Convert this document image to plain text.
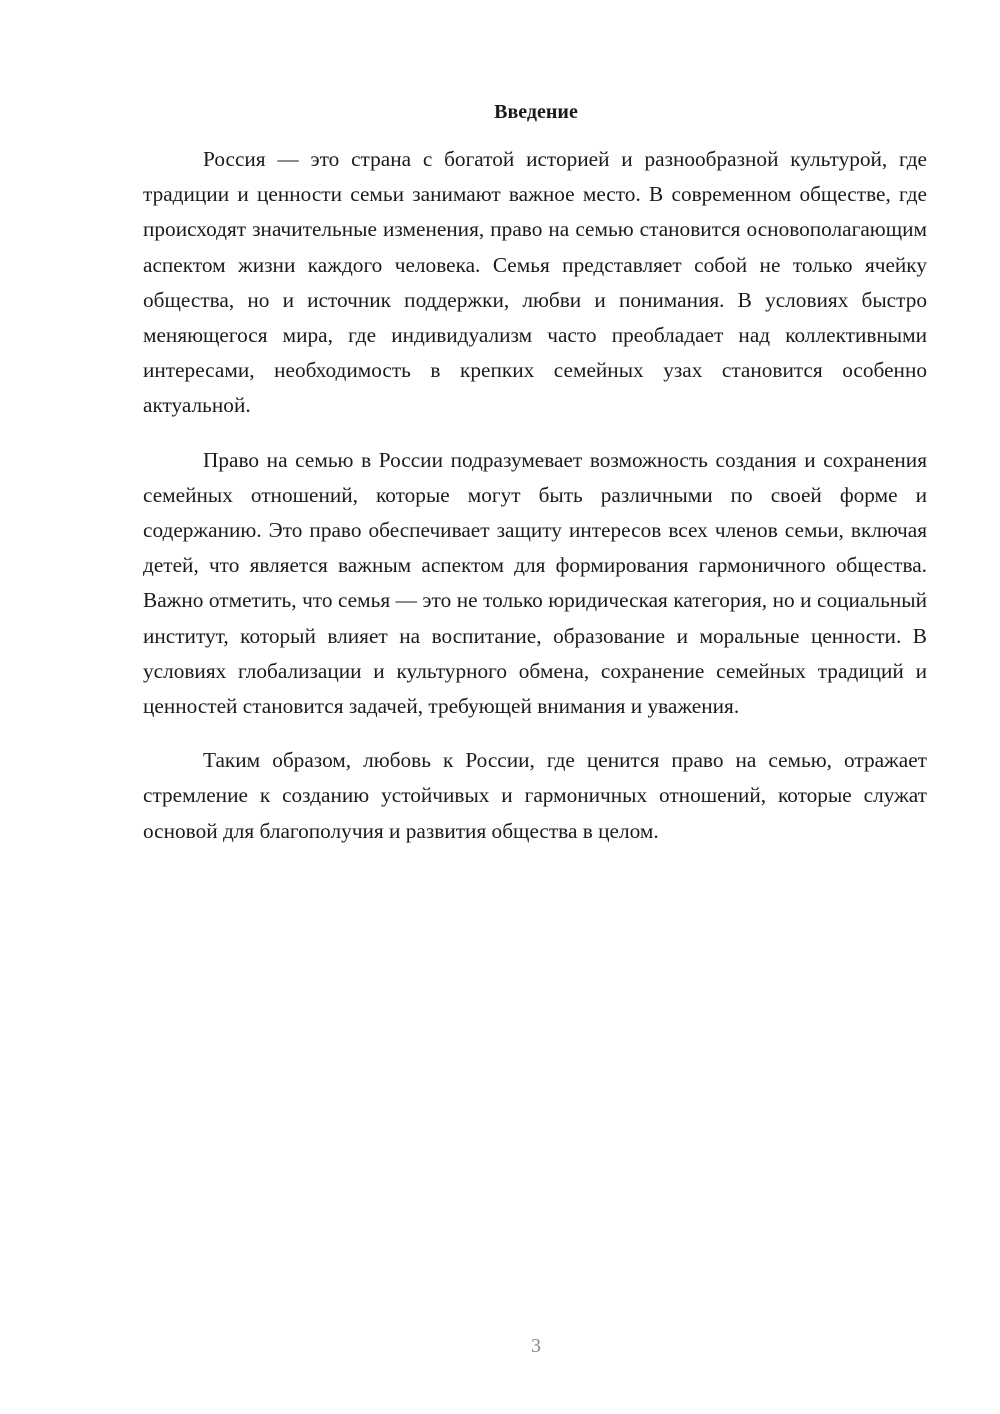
Введение

Россия — это страна с богатой историей и разнообразной культурой, где традиции и ценности семьи занимают важное место. В современном обществе, где происходят значительные изменения, право на семью становится основополагающим аспектом жизни каждого человека. Семья представляет собой не только ячейку общества, но и источник поддержки, любви и понимания. В условиях быстро меняющегося мира, где индивидуализм часто преобладает над коллективными интересами, необходимость в крепких семейных узах становится особенно актуальной.

Право на семью в России подразумевает возможность создания и сохранения семейных отношений, которые могут быть различными по своей форме и содержанию. Это право обеспечивает защиту интересов всех членов семьи, включая детей, что является важным аспектом для формирования гармоничного общества. Важно отметить, что семья — это не только юридическая категория, но и социальный институт, который влияет на воспитание, образование и моральные ценности. В условиях глобализации и культурного обмена, сохранение семейных традиций и ценностей становится задачей, требующей внимания и уважения.

Таким образом, любовь к России, где ценится право на семью, отражает стремление к созданию устойчивых и гармоничных отношений, которые служат основой для благополучия и развития общества в целом.

3
